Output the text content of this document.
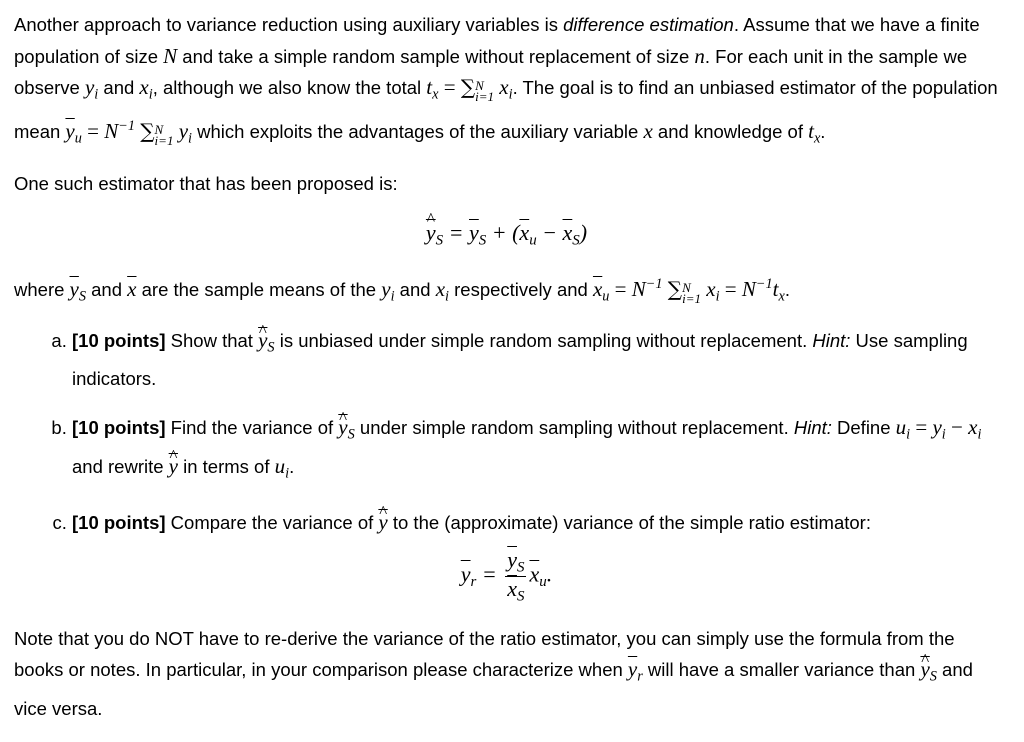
Another approach to variance reduction using auxiliary variables is difference estimation. Assume that we have a finite population of size N and take a simple random sample without replacement of size n. For each unit in the sample we observe $y_i$ and $x_i$, although we also know the total $t_x$ = ∑ N
i=1 $x_i$. The goal is to find an unbiased estimator of the population mean $\overline{y}_u = N^{-1}$ ∑ N
i=1 $y_i$ which exploits the advantages of the auxiliary variable x and knowledge of $t_x$.

One such estimator that has been proposed is:

^ $\overline{y}_S = \overline{y}_S + (\overline{x}_u - \overline{x}_S)$

where $\overline{y}_S$ and $\overline{x}$ are the sample means of the $y_i$ and $x_i$ respectively and $\overline{x}_u = N^{-1}$ ∑ N
i=1 $x_i = N^{-1}t_x$.

a. [10 points] Show that ^ $\overline{y}_S$ is unbiased under simple random sampling without replacement. Hint: Use sampling indicators.
b. [10 points] Find the variance of ^ $\overline{y}_S$ under simple random sampling without replacement. Hint: Define $u_i = y_i - x_i$ and rewrite ^ $\overline{y}$ in terms of $u_i$.
c. [10 points] Compare the variance of ^ $\overline{y}$ to the (approximate) variance of the simple ratio estimator:
$\overline{y}_r = \frac{\overline{y}_S}{\overline{x}_S} \overline{x}_u$.

Note that you do NOT have to re-derive the variance of the ratio estimator, you can simply use the formula from the books or notes. In particular, in your comparison please characterize when $\overline{y}_r$ will have a smaller variance than ^ $\overline{y}_S$ and vice versa.
